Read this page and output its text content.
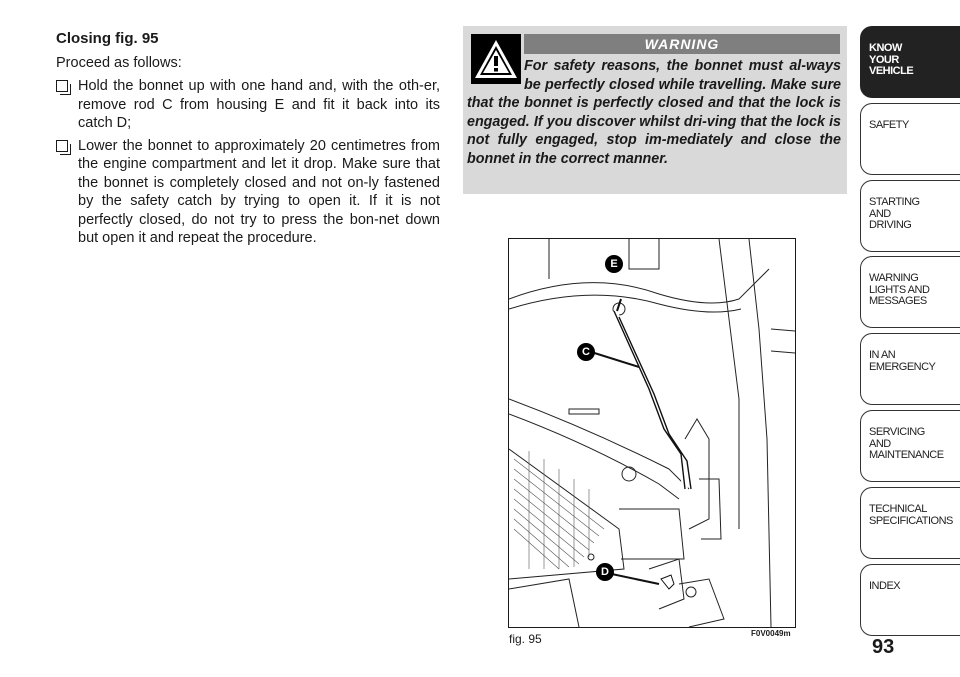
Closing fig. 95

Proceed as follows:

Hold the bonnet up with one hand and, with the oth-er, remove rod C from housing E and fit it back into its catch D;
Lower the bonnet to approximately 20 centimetres from the engine compartment and let it drop. Make sure that the bonnet is completely closed and not on-ly fastened by the safety catch by trying to open it. If it is not perfectly closed, do not try to press the bon-net down but open it and repeat the procedure.
WARNING
For safety reasons, the bonnet must al-ways be perfectly closed while travelling. Make sure that the bonnet is perfectly closed and that the lock is engaged. If you discover whilst dri-ving that the lock is not fully engaged, stop im-mediately and close the bonnet in the correct manner.
E
C
D
fig. 95	F0V0049m
KNOW
YOUR
VEHICLE
SAFETY
STARTING
AND
DRIVING
WARNING
LIGHTS AND
MESSAGES
IN AN
EMERGENCY
SERVICING
AND
MAINTENANCE
TECHNICAL
SPECIFICATIONS
INDEX
93
